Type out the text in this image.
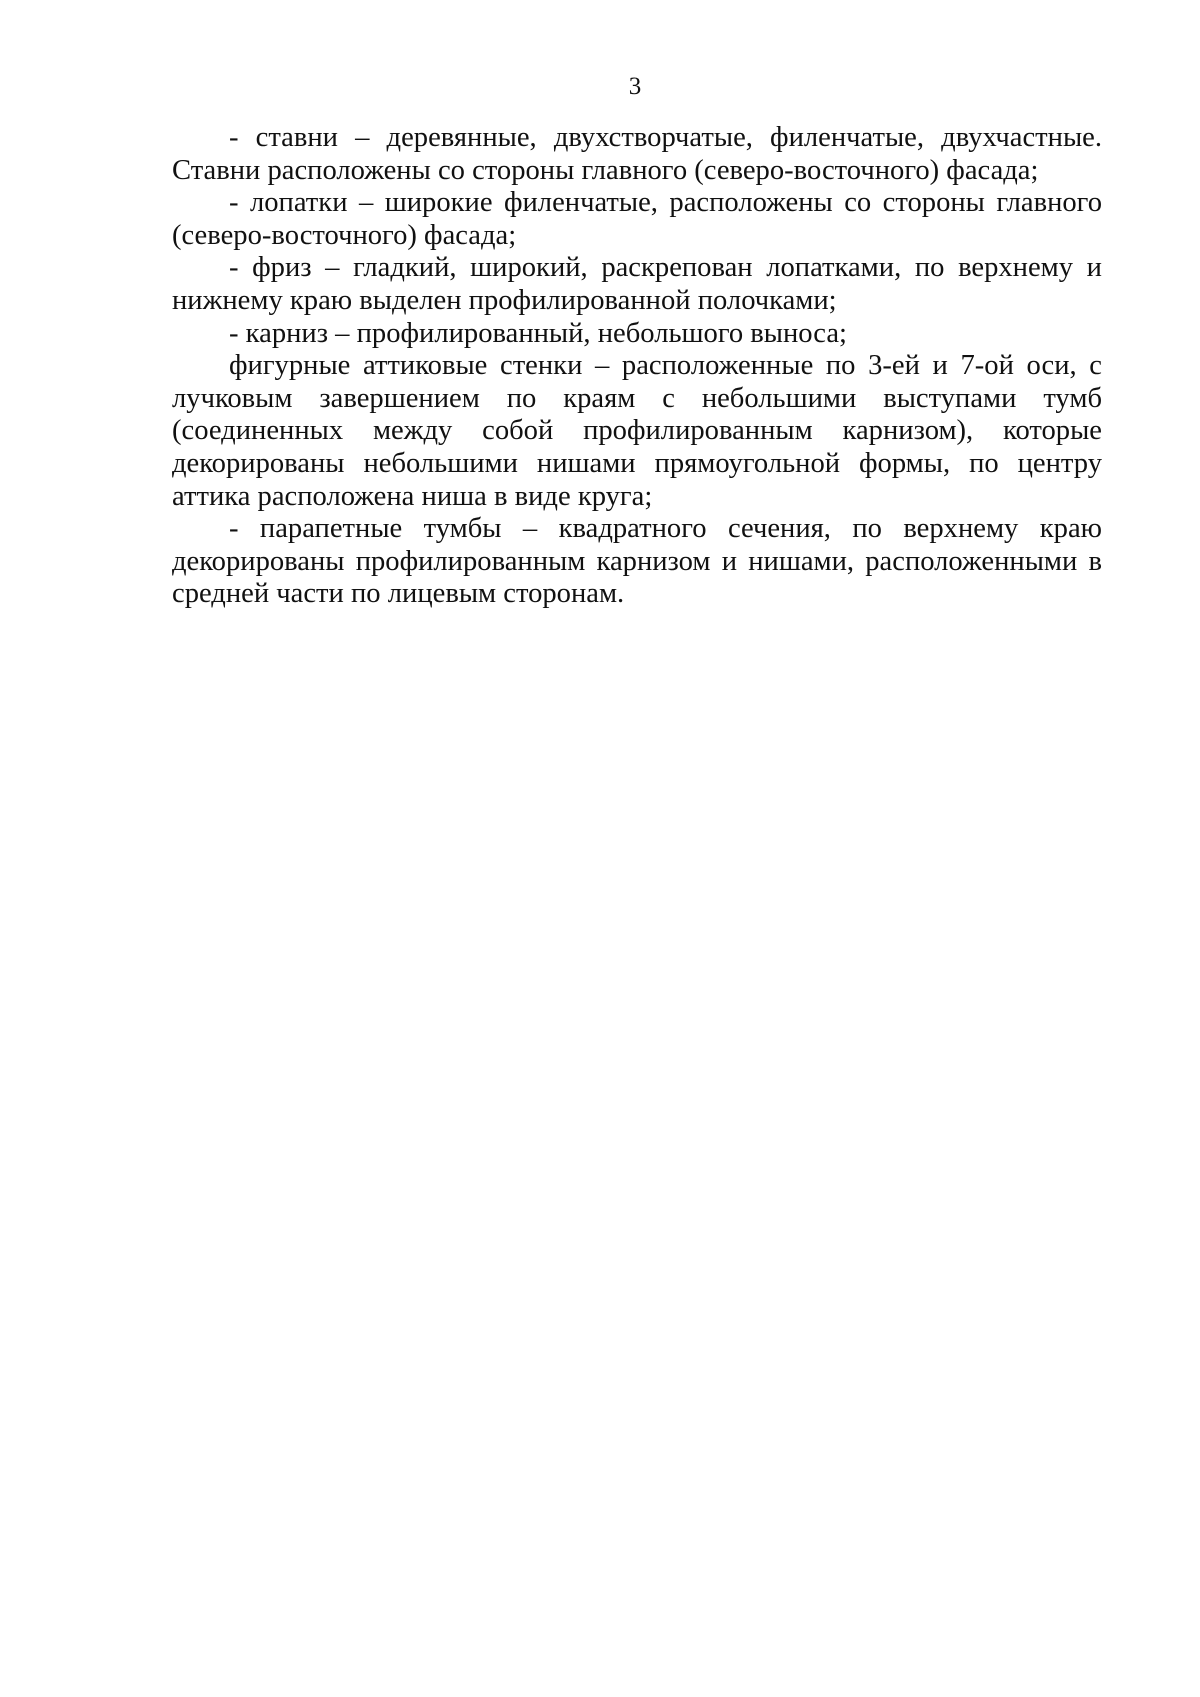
3

- ставни – деревянные, двухстворчатые, филенчатые, двухчастные. Ставни расположены со стороны главного (северо-восточного) фасада;

- лопатки – широкие филенчатые, расположены со стороны главного (северо-восточного) фасада;

- фриз – гладкий, широкий, раскрепован лопатками, по верхнему и нижнему краю выделен профилированной полочками;

- карниз – профилированный, небольшого выноса;

фигурные аттиковые стенки – расположенные по 3-ей и 7-ой оси, с лучковым завершением по краям с небольшими выступами тумб (соединенных между собой профилированным карнизом), которые декорированы небольшими нишами прямоугольной формы, по центру аттика расположена ниша в виде круга;

- парапетные тумбы – квадратного сечения, по верхнему краю декорированы профилированным карнизом и нишами, расположенными в средней части по лицевым сторонам.
